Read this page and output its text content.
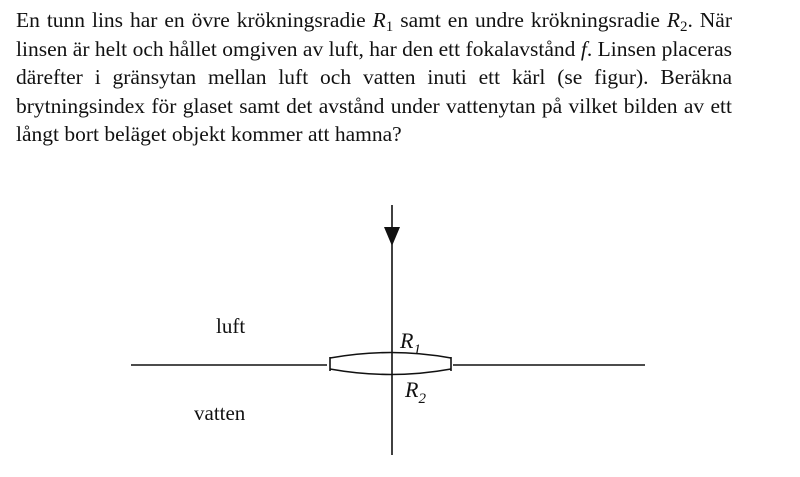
En tunn lins har en övre krökningsradie $R_1$ samt en undre krökningsradie $R_2$. När linsen är helt och hållet omgiven av luft, har den ett fokalavstånd f. Linsen placeras därefter i gränsytan mellan luft och vatten inuti ett kärl (se figur). Beräkna brytningsindex för glaset samt det avstånd under vattenytan på vilket bilden av ett långt bort beläget objekt kommer att hamna?

luft
vatten
R1
R2
